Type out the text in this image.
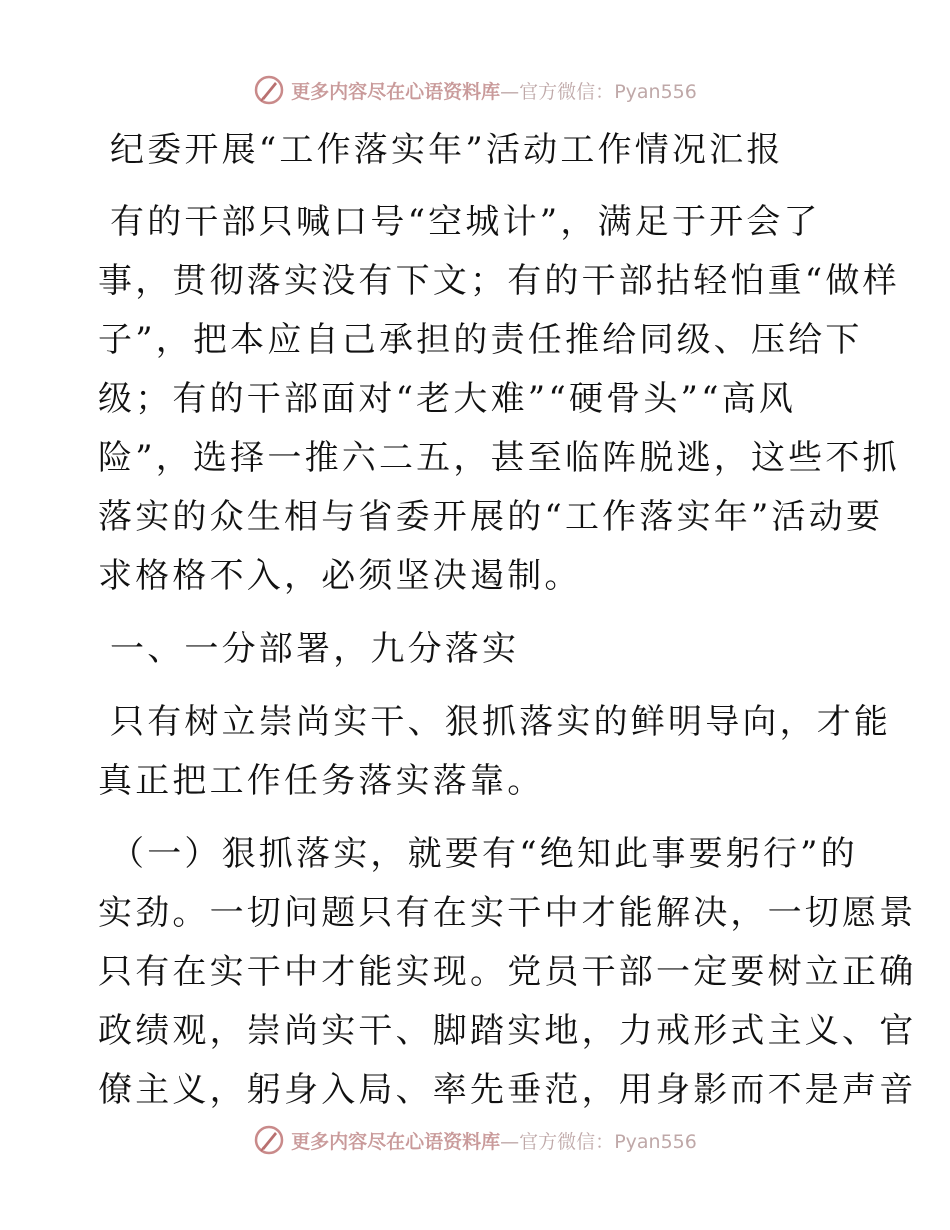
更多内容尽在心语资料库—官方微信：Pyan556
纪委开展“工作落实年”活动工作情况汇报
有的干部只喊口号“空城计”，满足于开会了
事，贯彻落实没有下文；有的干部拈轻怕重“做样
子”，把本应自己承担的责任推给同级、压给下
级；有的干部面对“老大难”“硬骨头”“高风
险”，选择一推六二五，甚至临阵脱逃，这些不抓
落实的众生相与省委开展的“工作落实年”活动要
求格格不入，必须坚决遏制。
一、一分部署，九分落实
只有树立崇尚实干、狠抓落实的鲜明导向，才能
真正把工作任务落实落靠。
（一）狠抓落实，就要有“绝知此事要躬行”的
实劲。一切问题只有在实干中才能解决，一切愿景
只有在实干中才能实现。党员干部一定要树立正确
政绩观，崇尚实干、脚踏实地，力戒形式主义、官
僚主义，躬身入局、率先垂范，用身影而不是声音
更多内容尽在心语资料库—官方微信：Pyan556
